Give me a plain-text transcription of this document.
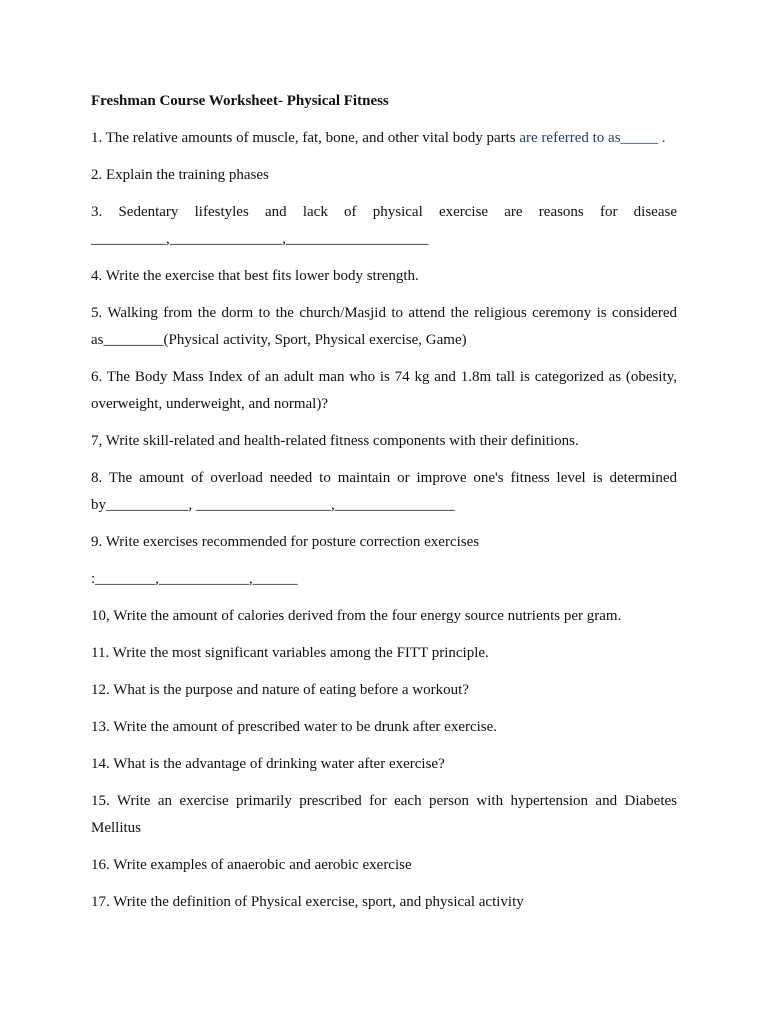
Freshman Course Worksheet- Physical Fitness

1. The relative amounts of muscle, fat, bone, and other vital body parts are referred to as_____ .

2. Explain the training phases

3. Sedentary lifestyles and lack of physical exercise are reasons for disease __________,_______________,___________________

4. Write the exercise that best fits lower body strength.

5. Walking from the dorm to the church/Masjid to attend the religious ceremony is considered as________(Physical activity, Sport, Physical exercise, Game)

6. The Body Mass Index of an adult man who is 74 kg and 1.8m tall is categorized as (obesity, overweight, underweight, and normal)?

7, Write skill-related and health-related fitness components with their definitions.

8. The amount of overload needed to maintain or improve one's fitness level is determined by___________, __________________,________________

9. Write exercises recommended for posture correction exercises

:________,____________,______

10, Write the amount of calories derived from the four energy source nutrients per gram.

11. Write the most significant variables among the FITT principle.

12. What is the purpose and nature of eating before a workout?

13. Write the amount of prescribed water to be drunk after exercise.

14. What is the advantage of drinking water after exercise?

15. Write an exercise primarily prescribed for each person with hypertension and Diabetes Mellitus

16. Write examples of anaerobic and aerobic exercise

17. Write the definition of Physical exercise, sport, and physical activity
